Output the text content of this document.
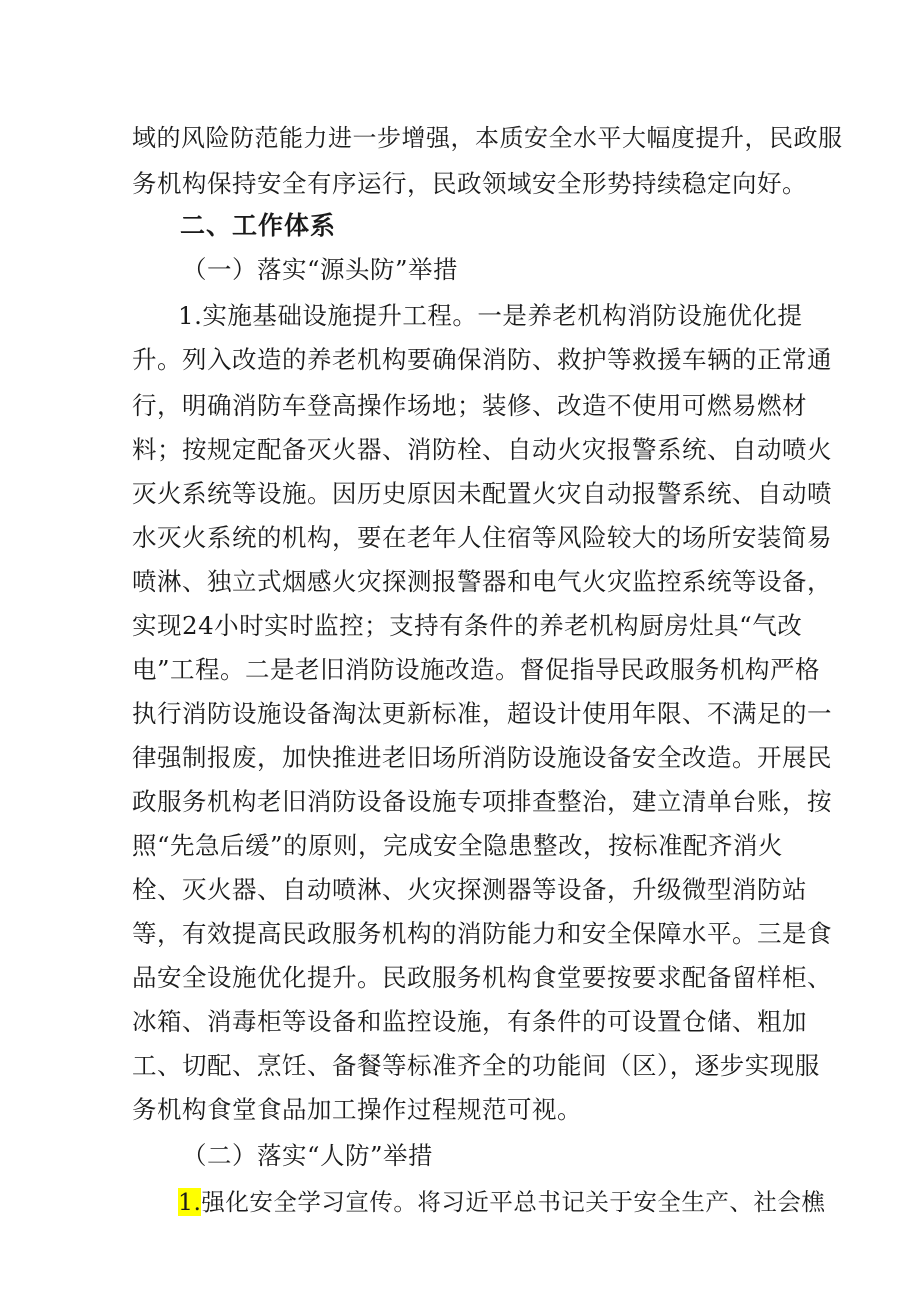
域的风险防范能力进一步增强，本质安全水平大幅度提升，民政服
务机构保持安全有序运行，民政领域安全形势持续稳定向好。
二、工作体系
（一）落实“源头防”举措
1.实施基础设施提升工程。一是养老机构消防设施优化提
升。列入改造的养老机构要确保消防、救护等救援车辆的正常通
行，明确消防车登高操作场地；装修、改造不使用可燃易燃材
料；按规定配备灭火器、消防栓、自动火灾报警系统、自动喷火
灭火系统等设施。因历史原因未配置火灾自动报警系统、自动喷
水灭火系统的机构，要在老年人住宿等风险较大的场所安装简易
喷淋、独立式烟感火灾探测报警器和电气火灾监控系统等设备，
实现24小时实时监控；支持有条件的养老机构厨房灶具“气改
电”工程。二是老旧消防设施改造。督促指导民政服务机构严格
执行消防设施设备淘汰更新标准，超设计使用年限、不满足的一
律强制报废，加快推进老旧场所消防设施设备安全改造。开展民
政服务机构老旧消防设备设施专项排查整治，建立清单台账，按
照“先急后缓”的原则，完成安全隐患整改，按标准配齐消火
栓、灭火器、自动喷淋、火灾探测器等设备，升级微型消防站
等，有效提高民政服务机构的消防能力和安全保障水平。三是食
品安全设施优化提升。民政服务机构食堂要按要求配备留样柜、
冰箱、消毒柜等设备和监控设施，有条件的可设置仓储、粗加
工、切配、烹饪、备餐等标准齐全的功能间（区），逐步实现服
务机构食堂食品加工操作过程规范可视。
（二）落实“人防”举措
1.强化安全学习宣传。将习近平总书记关于安全生产、社会樵
